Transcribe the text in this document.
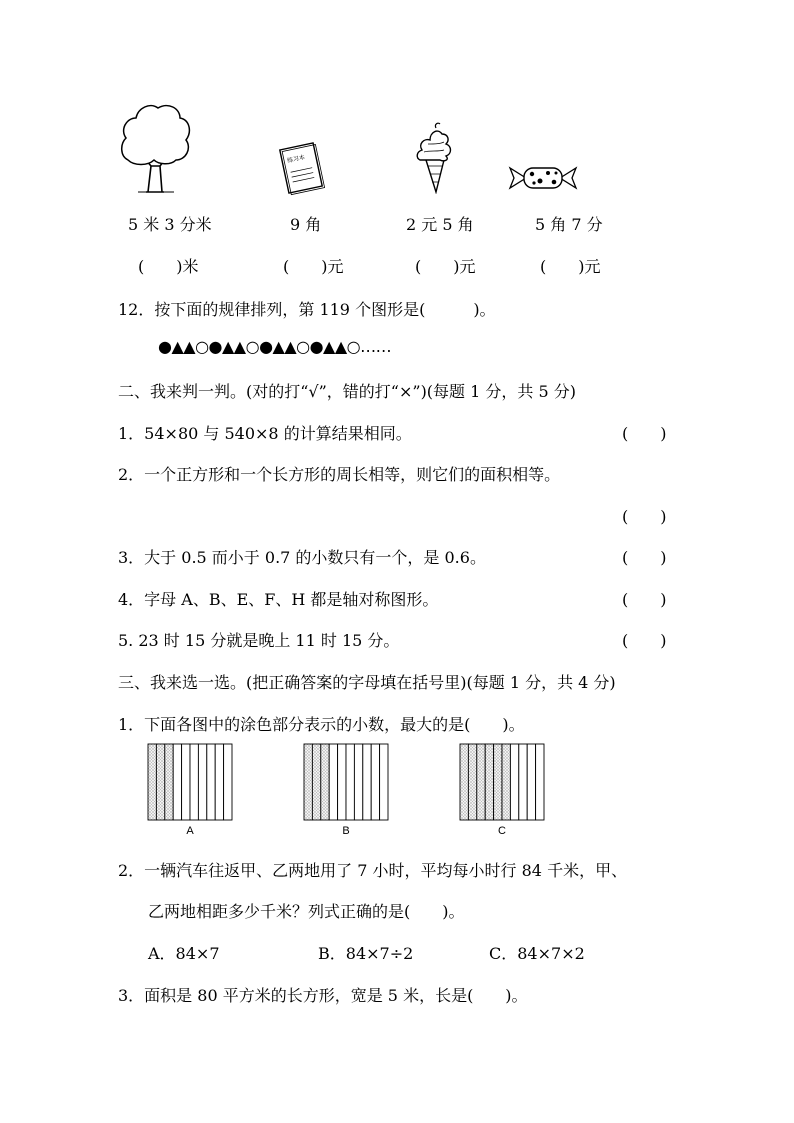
练习本
5 米 3 分米	9 角	2 元 5 角	5 角 7 分
(　　)米	(　　)元	(　　)元	(　　)元
12．按下面的规律排列，第 119 个图形是(　　　)。
●▲▲○●▲▲○●▲▲○●▲▲○……
二、我来判一判。(对的打“√”，错的打“×”)(每题 1 分，共 5 分)
1．54×80 与 540×8 的计算结果相同。	(　　)
2．一个正方形和一个长方形的周长相等，则它们的面积相等。
(　　)
3．大于 0.5 而小于 0.7 的小数只有一个，是 0.6。	(　　)
4．字母 A、B、E、F、H 都是轴对称图形。	(　　)
5. 23 时 15 分就是晚上 11 时 15 分。	(　　)
三、我来选一选。(把正确答案的字母填在括号里)(每题 1 分，共 4 分)
1．下面各图中的涂色部分表示的小数，最大的是(　　)。
A	B	C
2．一辆汽车往返甲、乙两地用了 7 小时，平均每小时行 84 千米，甲、
乙两地相距多少千米？列式正确的是(　　)。
A．84×7	B．84×7÷2	C．84×7×2
3．面积是 80 平方米的长方形，宽是 5 米，长是(　　)。
